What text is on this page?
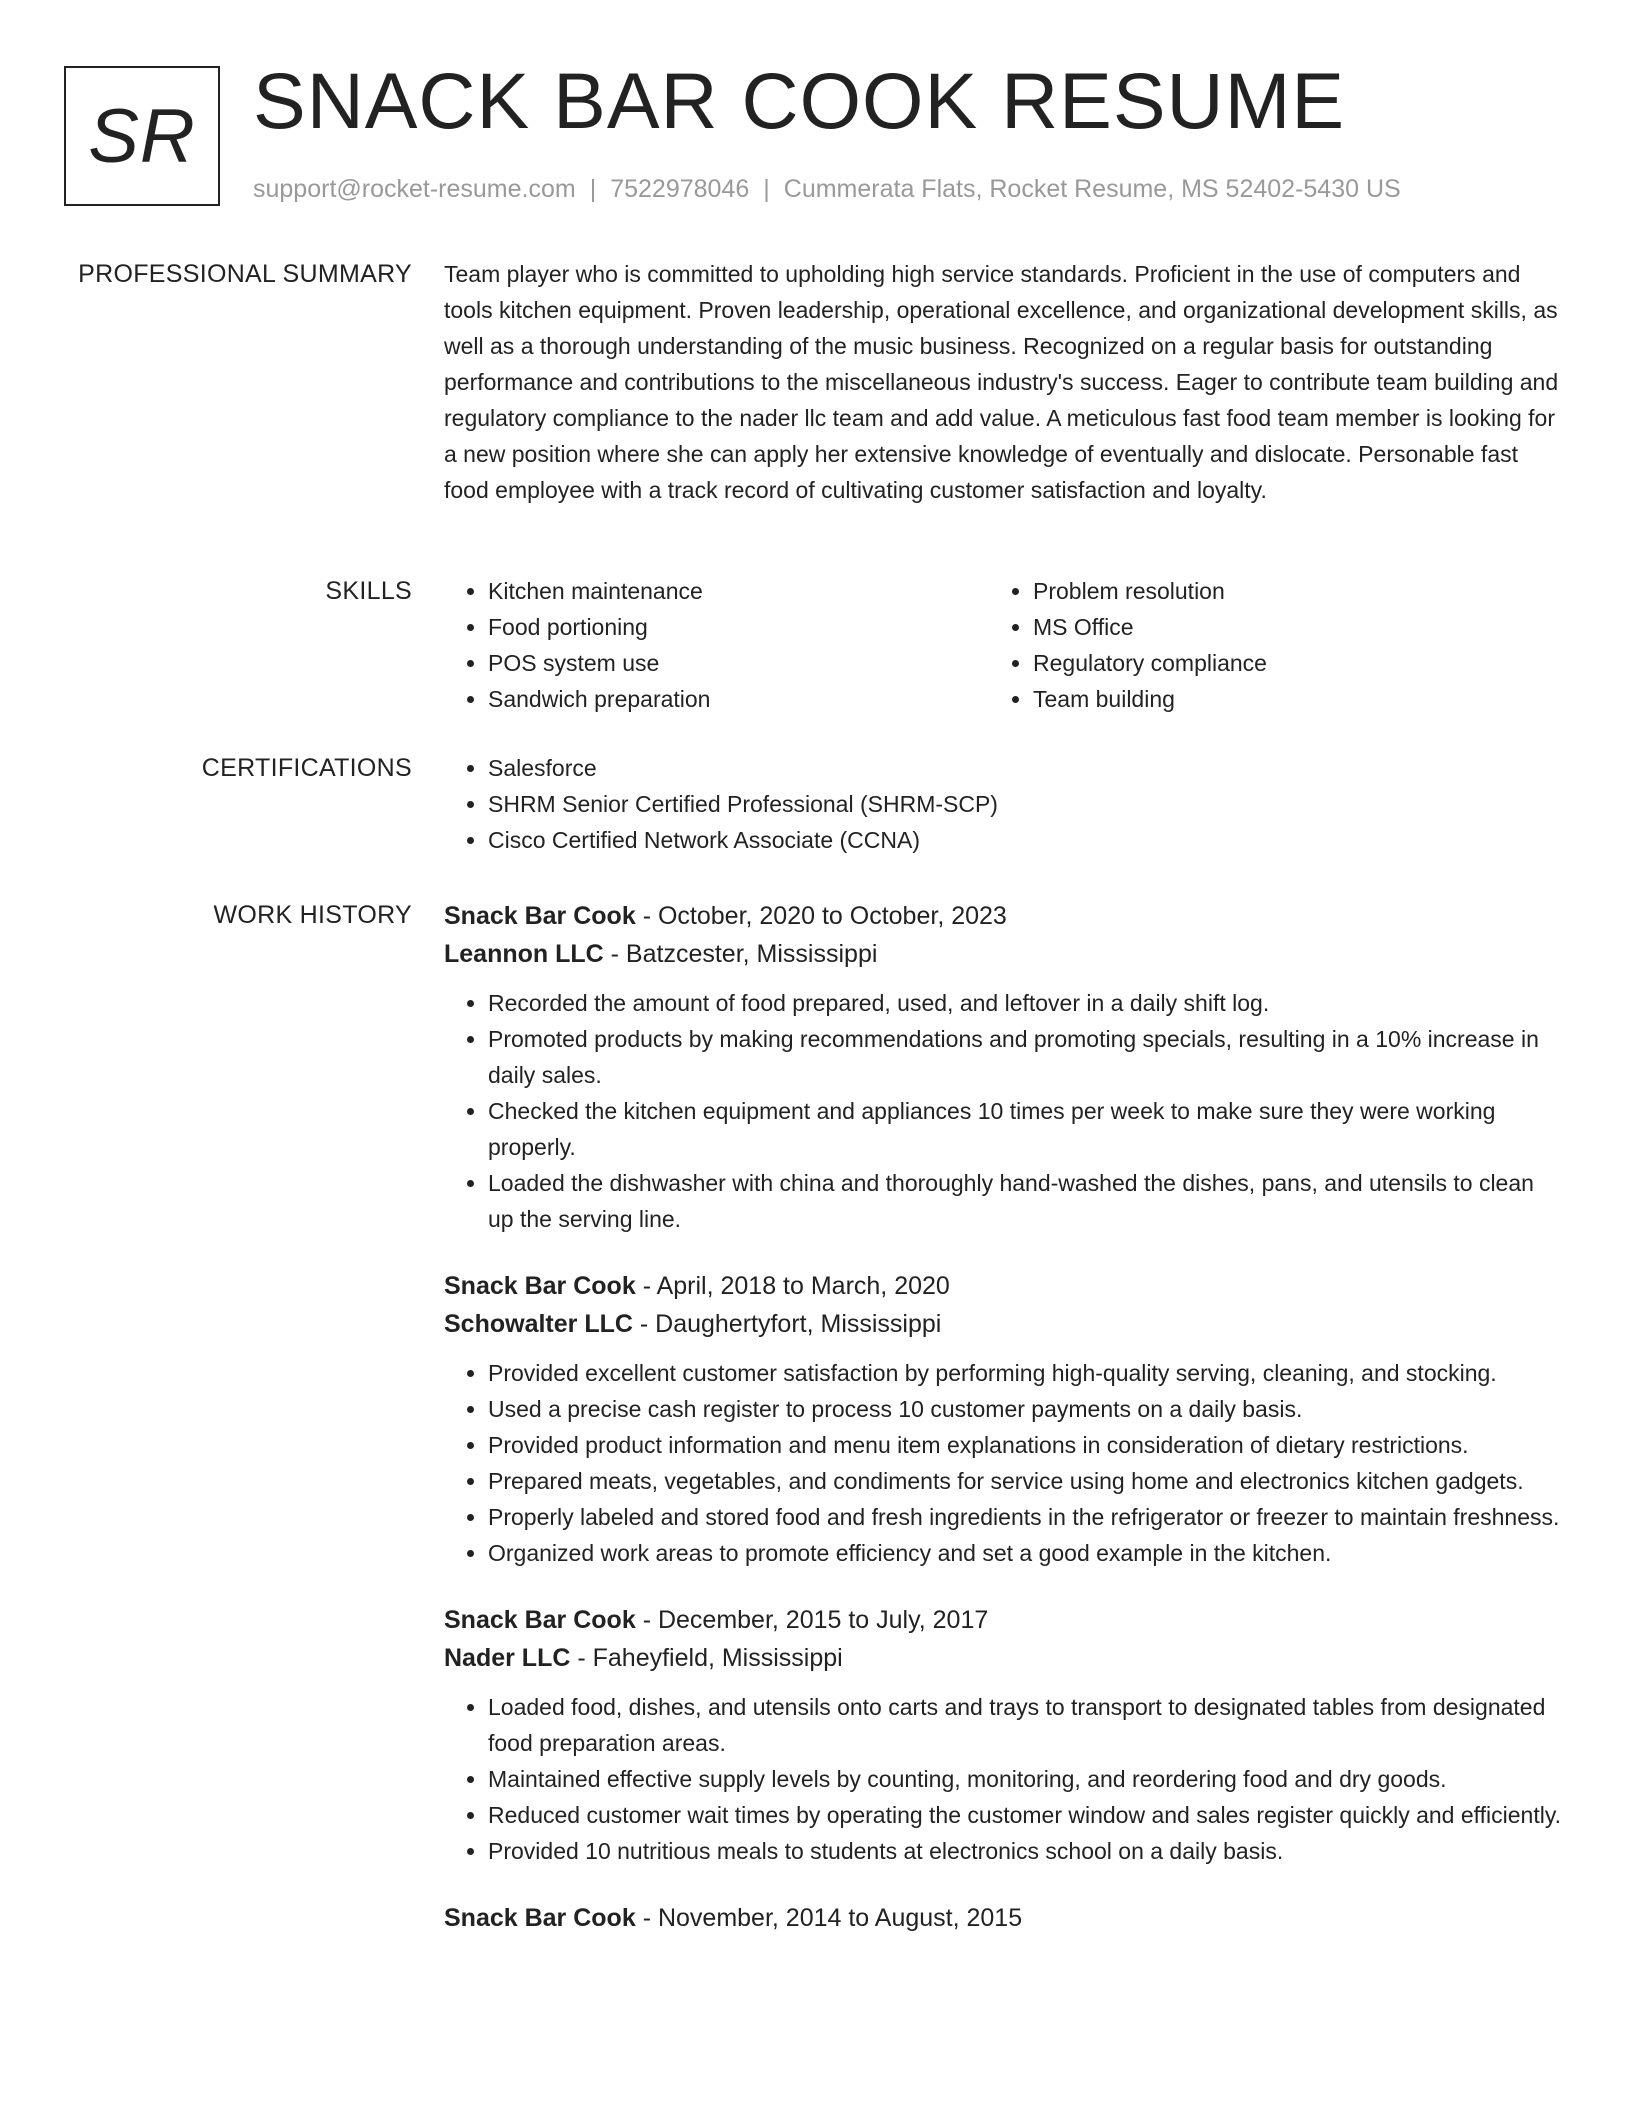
SR SNACK BAR COOK RESUME
support@rocket-resume.com | 7522978046 | Cummerata Flats, Rocket Resume, MS 52402-5430 US
PROFESSIONAL SUMMARY Team player who is committed to upholding high service standards. Proficient in the use of computers and tools kitchen equipment. Proven leadership, operational excellence, and organizational development skills, as well as a thorough understanding of the music business. Recognized on a regular basis for outstanding performance and contributions to the miscellaneous industry's success. Eager to contribute team building and regulatory compliance to the nader llc team and add value. A meticulous fast food team member is looking for a new position where she can apply her extensive knowledge of eventually and dislocate. Personable fast food employee with a track record of cultivating customer satisfaction and loyalty.

SKILLS	• Kitchen maintenance
• Food portioning
• POS system use
• Sandwich preparation
• Problem resolution
• MS Office
• Regulatory compliance
• Team building
CERTIFICATIONS	• Salesforce
• SHRM Senior Certified Professional (SHRM-SCP)
• Cisco Certified Network Associate (CCNA)
WORK HISTORY Snack Bar Cook - October, 2020 to October, 2023
Leannon LLC - Batzcester, Mississippi
• Recorded the amount of food prepared, used, and leftover in a daily shift log.
• Promoted products by making recommendations and promoting specials, resulting in a 10% increase in daily sales.
• Checked the kitchen equipment and appliances 10 times per week to make sure they were working properly.
• Loaded the dishwasher with china and thoroughly hand-washed the dishes, pans, and utensils to clean up the serving line.
Snack Bar Cook - April, 2018 to March, 2020
Schowalter LLC - Daughertyfort, Mississippi
• Provided excellent customer satisfaction by performing high-quality serving, cleaning, and stocking.
• Used a precise cash register to process 10 customer payments on a daily basis.
• Provided product information and menu item explanations in consideration of dietary restrictions.
• Prepared meats, vegetables, and condiments for service using home and electronics kitchen gadgets.
• Properly labeled and stored food and fresh ingredients in the refrigerator or freezer to maintain freshness.
• Organized work areas to promote efficiency and set a good example in the kitchen.
Snack Bar Cook - December, 2015 to July, 2017
Nader LLC - Faheyfield, Mississippi
• Loaded food, dishes, and utensils onto carts and trays to transport to designated tables from designated food preparation areas.
• Maintained effective supply levels by counting, monitoring, and reordering food and dry goods.
• Reduced customer wait times by operating the customer window and sales register quickly and efficiently.
• Provided 10 nutritious meals to students at electronics school on a daily basis.
Snack Bar Cook - November, 2014 to August, 2015
